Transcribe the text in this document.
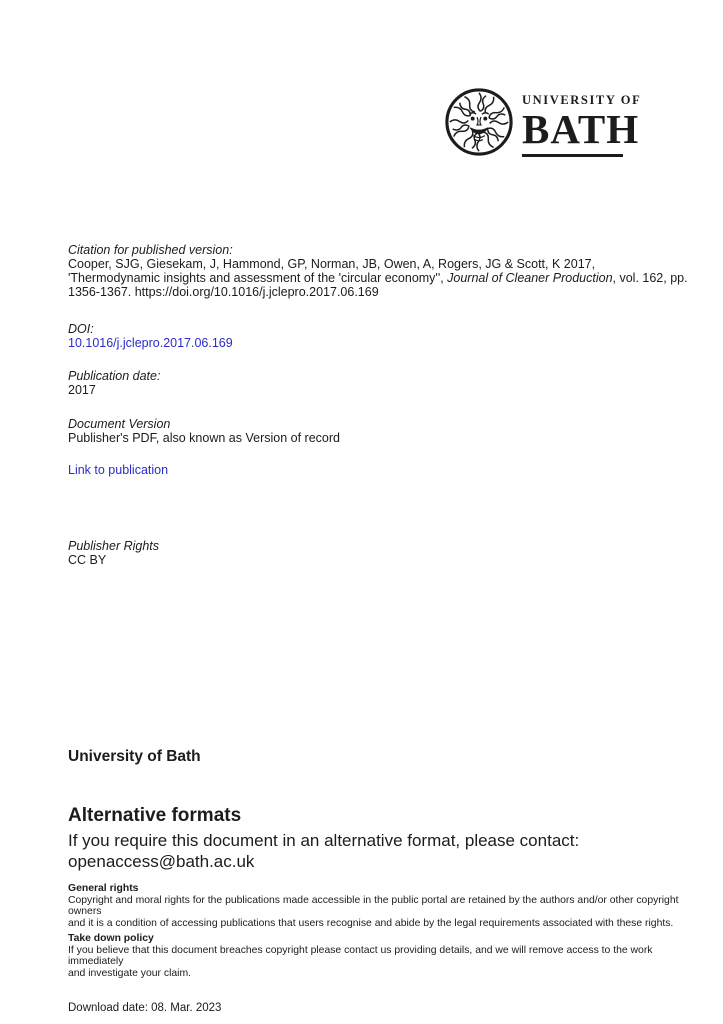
UNIVERSITY OF
BATH
Citation for published version:
Cooper, SJG, Giesekam, J, Hammond, GP, Norman, JB, Owen, A, Rogers, JG & Scott, K 2017,
'Thermodynamic insights and assessment of the 'circular economy'', Journal of Cleaner Production, vol. 162, pp.
1356-1367. https://doi.org/10.1016/j.jclepro.2017.06.169
DOI:
10.1016/j.jclepro.2017.06.169
Publication date:
2017
Document Version
Publisher's PDF, also known as Version of record
Link to publication
Publisher Rights
CC BY
University of Bath
Alternative formats
If you require this document in an alternative format, please contact:
openaccess@bath.ac.uk
General rights
Copyright and moral rights for the publications made accessible in the public portal are retained by the authors and/or other copyright owners
and it is a condition of accessing publications that users recognise and abide by the legal requirements associated with these rights.
Take down policy
If you believe that this document breaches copyright please contact us providing details, and we will remove access to the work immediately
and investigate your claim.
Download date: 08. Mar. 2023
